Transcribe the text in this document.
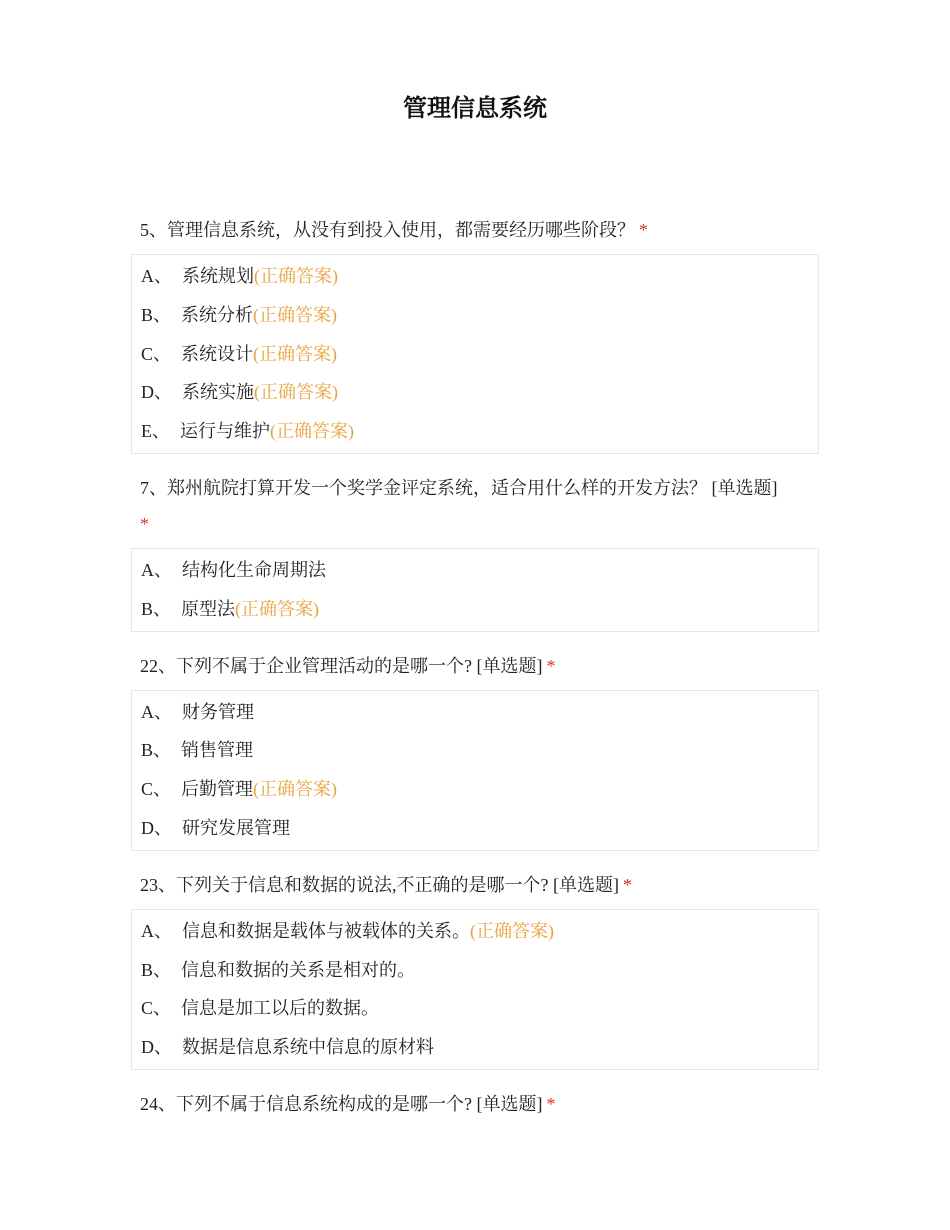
管理信息系统
5、管理信息系统，从没有到投入使用，都需要经历哪些阶段？ *
A、 系统规划(正确答案)
B、 系统分析(正确答案)
C、 系统设计(正确答案)
D、 系统实施(正确答案)
E、 运行与维护(正确答案)
7、郑州航院打算开发一个奖学金评定系统，适合用什么样的开发方法？ [单选题]
*
A、 结构化生命周期法
B、 原型法(正确答案)
22、下列不属于企业管理活动的是哪一个? [单选题] *
A、 财务管理
B、 销售管理
C、 后勤管理(正确答案)
D、 研究发展管理
23、下列关于信息和数据的说法,不正确的是哪一个? [单选题] *
A、 信息和数据是载体与被载体的关系。(正确答案)
B、 信息和数据的关系是相对的。
C、 信息是加工以后的数据。
D、 数据是信息系统中信息的原材料
24、下列不属于信息系统构成的是哪一个? [单选题] *
